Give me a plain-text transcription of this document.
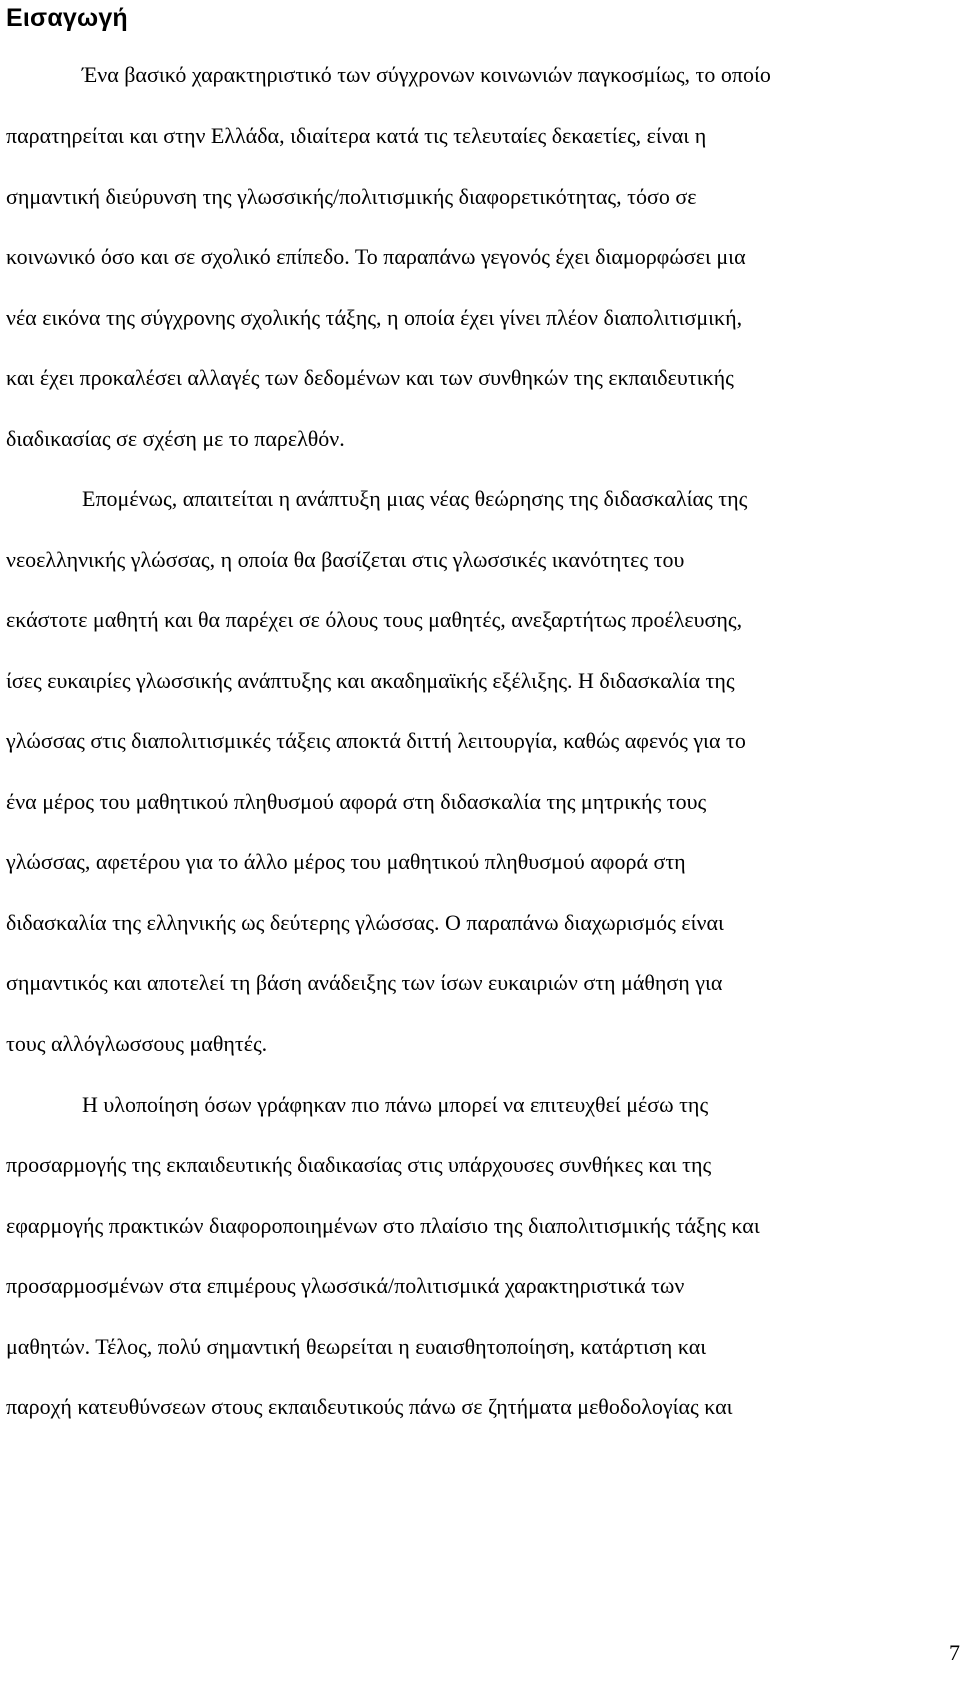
Εισαγωγή
Ένα βασικό χαρακτηριστικό των σύγχρονων κοινωνιών παγκοσμίως, το οποίο
παρατηρείται και στην Ελλάδα, ιδιαίτερα κατά τις τελευταίες δεκαετίες, είναι η
σημαντική διεύρυνση της γλωσσικής/πολιτισμικής διαφορετικότητας, τόσο σε
κοινωνικό όσο και σε σχολικό επίπεδο. Το παραπάνω γεγονός έχει διαμορφώσει μια
νέα εικόνα της σύγχρονης σχολικής τάξης, η οποία έχει γίνει πλέον διαπολιτισμική,
και έχει προκαλέσει αλλαγές των δεδομένων και των συνθηκών της εκπαιδευτικής
διαδικασίας σε σχέση με το παρελθόν.
Επομένως, απαιτείται η ανάπτυξη μιας νέας θεώρησης της διδασκαλίας της
νεοελληνικής γλώσσας, η οποία θα βασίζεται στις γλωσσικές ικανότητες του
εκάστοτε μαθητή και θα παρέχει σε όλους τους μαθητές, ανεξαρτήτως προέλευσης,
ίσες ευκαιρίες γλωσσικής ανάπτυξης και ακαδημαϊκής εξέλιξης. Η διδασκαλία της
γλώσσας στις διαπολιτισμικές τάξεις αποκτά διττή λειτουργία, καθώς αφενός για το
ένα μέρος του μαθητικού πληθυσμού αφορά στη διδασκαλία της μητρικής τους
γλώσσας, αφετέρου για το άλλο μέρος του μαθητικού πληθυσμού αφορά στη
διδασκαλία της ελληνικής ως δεύτερης γλώσσας. Ο παραπάνω διαχωρισμός είναι
σημαντικός και αποτελεί τη βάση ανάδειξης των ίσων ευκαιριών στη μάθηση για
τους αλλόγλωσσους μαθητές.
Η υλοποίηση όσων γράφηκαν πιο πάνω μπορεί να επιτευχθεί μέσω της
προσαρμογής της εκπαιδευτικής διαδικασίας στις υπάρχουσες συνθήκες και της
εφαρμογής πρακτικών διαφοροποιημένων στο πλαίσιο της διαπολιτισμικής τάξης και
προσαρμοσμένων στα επιμέρους γλωσσικά/πολιτισμικά χαρακτηριστικά των
μαθητών. Τέλος, πολύ σημαντική θεωρείται η ευαισθητοποίηση, κατάρτιση και
παροχή κατευθύνσεων στους εκπαιδευτικούς πάνω σε ζητήματα μεθοδολογίας και
7
